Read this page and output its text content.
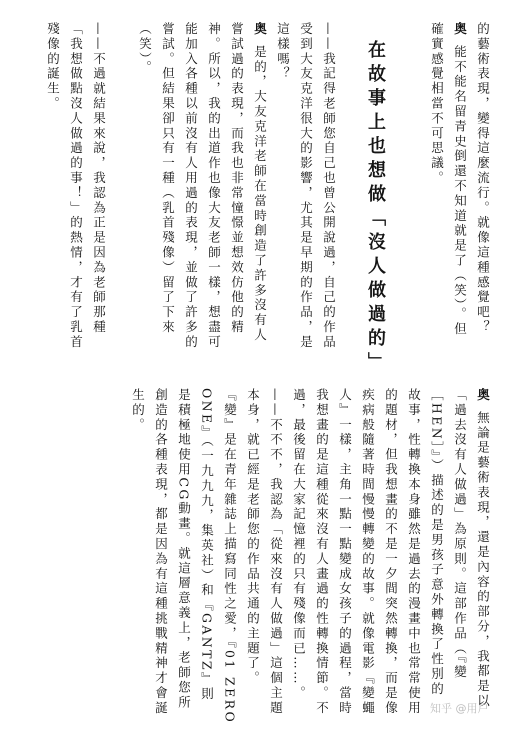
的藝術表現，變得這麼流行。就像這種感覺吧？
奥能不能名留青史倒還不知道就是了（笑）。但
確實感覺相當不可思議。
——我記得老師您自己也曾公開說過，自己的作品
受到大友克洋很大的影響，尤其是早期的作品，是
這樣嗎？
奥是的，大友克洋老師在當時創造了許多沒有人
嘗試過的表現，而我也非常憧憬並想效仿他的精
神。所以，我的出道作也像大友老師一樣，想盡可
能加入各種以前沒有人用過的表現，並做了許多的
嘗試。但結果卻只有一種（乳首殘像）留了下來
（笑）。
——不過就結果來說，我認為正是因為老師那種
「我想做點沒人做過的事！」的熱情，才有了乳首
殘像的誕生。	在故事上也想做「沒人做過的」
奥無論是藝術表現，還是內容的部分，我都是以
「過去沒有人做過」為原則。這部作品（『變
［HEN］』）描述的是男孩子意外轉換了性別的
故事，性轉換本身雖然是過去的漫畫中也常常使用
的題材，但我想畫的不是一夕間突然轉換，而是像
疾病般隨著時間慢慢轉變的故事。就像電影『變蠅
人』一樣，主角一點一點變成女孩子的過程，當時
我想畫的是這種從來沒有人畫過的性轉換情節。不
過，最後留在大家記憶裡的只有殘像而已……。
——不不不，我認為「從來沒有人做過」這個主題
本身，就已經是老師您的作品共通的主題了。
『變』是在青年雜誌上描寫同性之愛，『01 ZERO
ONE』（一九九九，集英社）和『GANTZ』則
是積極地使用CG動畫。就這層意義上，老師您所
創造的各種表現，都是因為有這種挑戰精神才會誕
生的。
知乎 @用户
